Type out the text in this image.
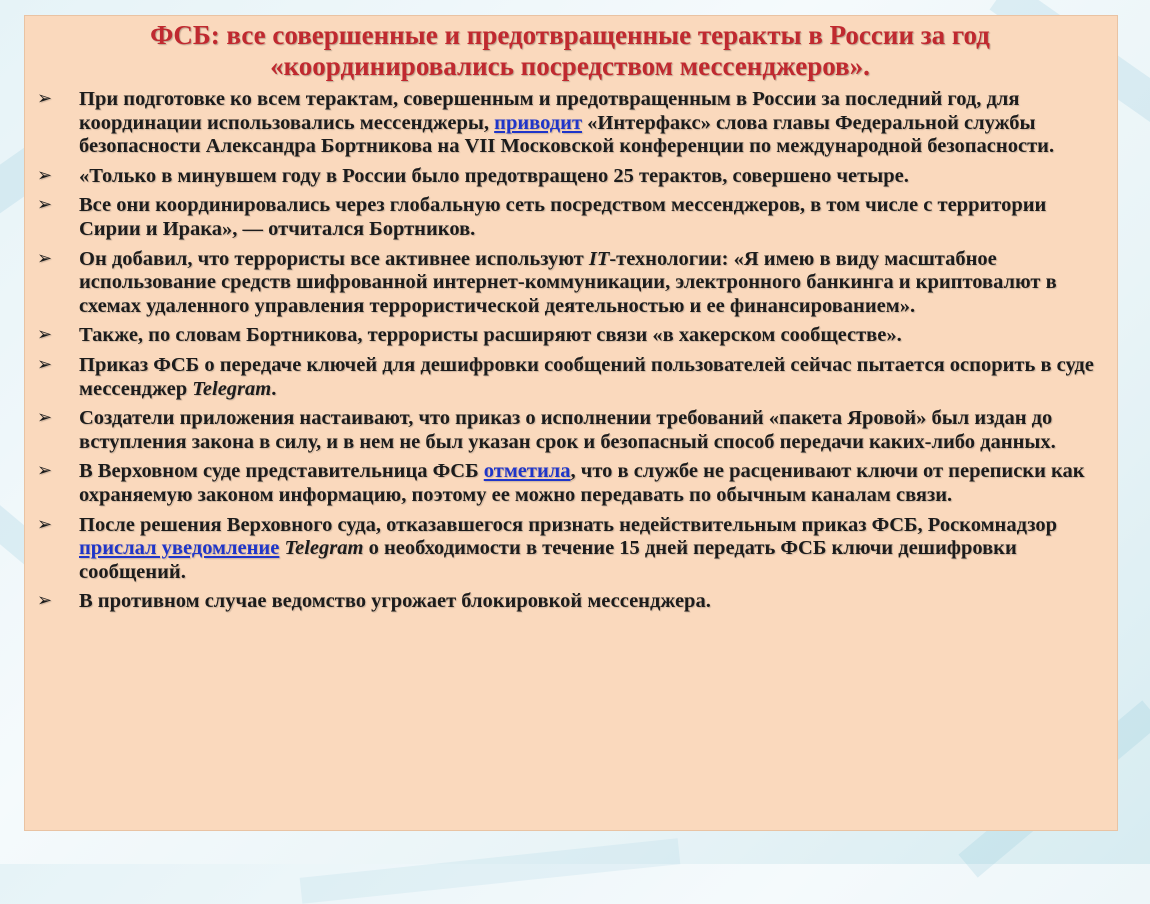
ФСБ: все совершенные и предотвращенные теракты в России за год
«координировались посредством мессенджеров».
➢ При подготовке ко всем терактам, совершенным и предотвращенным в России за последний год, для координации использовались мессенджеры, приводит «Интерфакс» слова главы Федеральной службы безопасности Александра Бортникова на VII Московской конференции по международной безопасности.
➢ «Только в минувшем году в России было предотвращено 25 терактов, совершено четыре.
➢ Все они координировались через глобальную сеть посредством мессенджеров, в том числе с территории Сирии и Ирака», — отчитался Бортников.
➢ Он добавил, что террористы все активнее используют IT-технологии: «Я имею в виду масштабное использование средств шифрованной интернет-коммуникации, электронного банкинга и криптовалют в схемах удаленного управления террористической деятельностью и ее финансированием».
➢ Также, по словам Бортникова, террористы расширяют связи «в хакерском сообществе».
➢ Приказ ФСБ о передаче ключей для дешифровки сообщений пользователей сейчас пытается оспорить в суде мессенджер Telegram.
➢ Создатели приложения настаивают, что приказ о исполнении требований «пакета Яровой» был издан до вступления закона в силу, и в нем не был указан срок и безопасный способ передачи каких-либо данных.
➢ В Верховном суде представительница ФСБ отметила, что в службе не расценивают ключи от переписки как охраняемую законом информацию, поэтому ее можно передавать по обычным каналам связи.
➢ После решения Верховного суда, отказавшегося признать недействительным приказ ФСБ, Роскомнадзор прислал уведомление Telegram о необходимости в течение 15 дней передать ФСБ ключи дешифровки сообщений.
➢ В противном случае ведомство угрожает блокировкой мессенджера.
